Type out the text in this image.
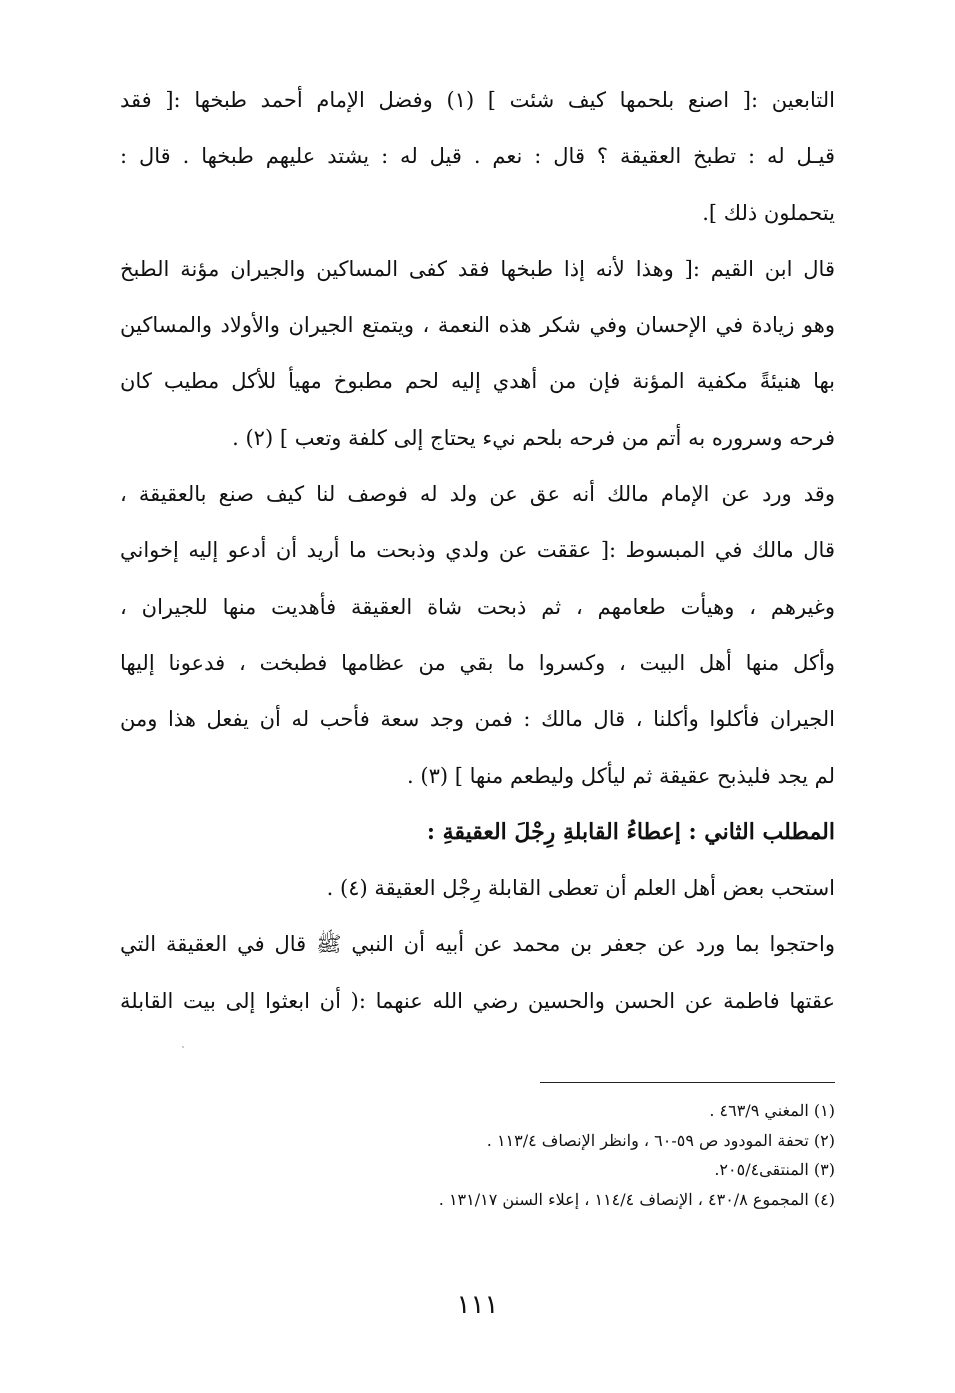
التابعين :[ اصنع بلحمها كيف شئت ] (١) وفضل الإمام أحمد طبخها :[ فقد
قيـل له : تطبخ العقيقة ؟ قال : نعم . قيل له : يشتد عليهم طبخها . قال :
يتحملون ذلك ].
قال ابن القيم :[ وهذا لأنه إذا طبخها فقد كفى المساكين والجيران مؤنة الطبخ
وهو زيادة في الإحسان وفي شكر هذه النعمة ، ويتمتع الجيران والأولاد والمساكين
بها هنيئةً مكفية المؤنة فإن من أهدي إليه لحم مطبوخ مهيأ للأكل مطيب كان
فرحه وسروره به أتم من فرحه بلحم نيء يحتاج إلى كلفة وتعب ] (٢) .
وقد ورد عن الإمام مالك أنه عق عن ولد له فوصف لنا كيف صنع بالعقيقة ،
قال مالك في المبسوط :[ عققت عن ولدي وذبحت ما أريد أن أدعو إليه إخواني
وغيرهم ، وهيأت طعامهم ، ثم ذبحت شاة العقيقة فأهديت منها للجيران ،
وأكل منها أهل البيت ، وكسروا ما بقي من عظامها فطبخت ، فدعونا إليها
الجيران فأكلوا وأكلنا ، قال مالك : فمن وجد سعة فأحب له أن يفعل هذا ومن
لم يجد فليذبح عقيقة ثم ليأكل وليطعم منها ] (٣) .
المطلب الثاني : إعطاءُ القابلةِ رِجْلَ العقيقةِ :
استحب بعض أهل العلم أن تعطى القابلة رِجْل العقيقة (٤) .
واحتجوا بما ورد عن جعفر بن محمد عن أبيه أن النبي ﷺ قال في العقيقة التي
عقتها فاطمة عن الحسن والحسين رضي الله عنهما :( أن ابعثوا إلى بيت القابلة
(١) المغني ٤٦٣/٩ .
(٢) تحفة المودود ص ٥٩-٦٠ ، وانظر الإنصاف ١١٣/٤ .
(٣) المنتقى٢٠٥/٤.
(٤) المجموع ٤٣٠/٨ ، الإنصاف ١١٤/٤ ، إعلاء السنن ١٣١/١٧ .
١١١
